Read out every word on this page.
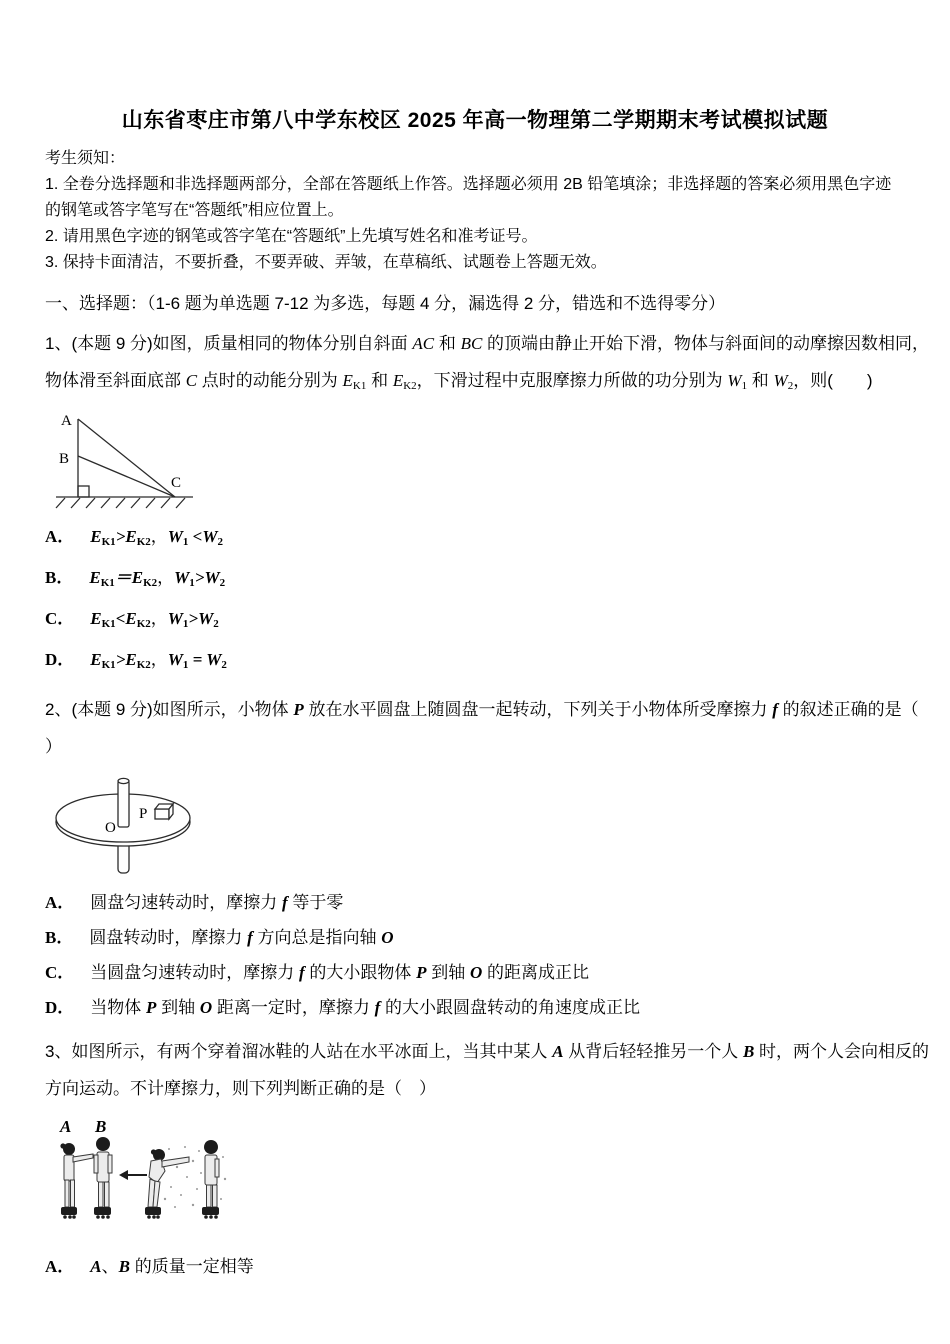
山东省枣庄市第八中学东校区 2025 年高一物理第二学期期末考试模拟试题
考生须知：
1. 全卷分选择题和非选择题两部分，全部在答题纸上作答。选择题必须用 2B 铅笔填涂；非选择题的答案必须用黑色字迹的钢笔或答字笔写在“答题纸”相应位置上。
2. 请用黑色字迹的钢笔或答字笔在“答题纸”上先填写姓名和准考证号。
3. 保持卡面清洁，不要折叠，不要弄破、弄皱，在草稿纸、试题卷上答题无效。
一、选择题：（1-6 题为单选题 7-12 为多选，每题 4 分，漏选得 2 分，错选和不选得零分）
1、(本题 9 分)如图，质量相同的物体分别自斜面 AC 和 BC 的顶端由静止开始下滑，物体与斜面间的动摩擦因数相同，
物体滑至斜面底部 C 点时的动能分别为 EK1 和 EK2，下滑过程中克服摩擦力所做的功分别为 W1 和 W2，则(　　)
A
B
C
A． EK1>EK2，W1 <W2
B． EK1＝EK2，W1>W2
C． EK1<EK2，W1>W2
D． EK1>EK2，W1 = W2
2、(本题 9 分)如图所示，小物体 P 放在水平圆盘上随圆盘一起转动，下列关于小物体所受摩擦力 f 的叙述正确的是（
）
O
P
A． 圆盘匀速转动时，摩擦力 f 等于零
B． 圆盘转动时，摩擦力 f 方向总是指向轴 O
C． 当圆盘匀速转动时，摩擦力 f 的大小跟物体 P 到轴 O 的距离成正比
D． 当物体 P 到轴 O 距离一定时，摩擦力 f 的大小跟圆盘转动的角速度成正比
3、如图所示，有两个穿着溜冰鞋的人站在水平冰面上，当其中某人 A 从背后轻轻推另一个人 B 时，两个人会向相反的
方向运动。不计摩擦力，则下列判断正确的是（　）
A B
A． A、B 的质量一定相等
